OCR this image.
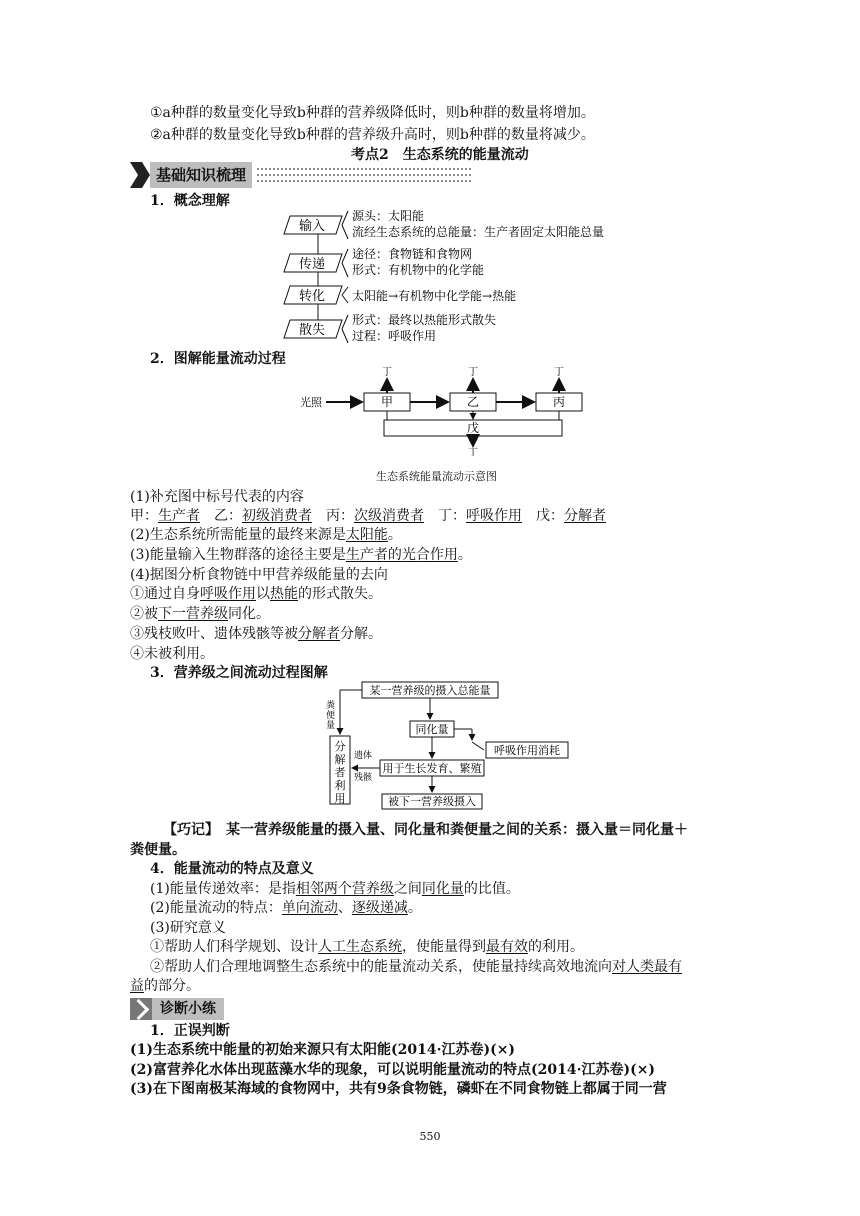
①a种群的数量变化导致b种群的营养级降低时，则b种群的数量将增加。
②a种群的数量变化导致b种群的营养级升高时，则b种群的数量将减少。
考点2　生态系统的能量流动
基础知识梳理
1．概念理解
输入
源头：太阳能
流经生态系统的总能量：生产者固定太阳能总量
传递
途径：食物链和食物网
形式：有机物中的化学能
转化 太阳能→有机物中化学能→热能
散失
形式：最终以热能形式散失
过程：呼吸作用
2．图解能量流动过程
光照	甲	乙	丙
丁	丁	丁
戊
丁
生态系统能量流动示意图
(1)补充图中标号代表的内容
甲：生产者　乙：初级消费者　丙：次级消费者　丁：呼吸作用　戊：分解者
(2)生态系统所需能量的最终来源是太阳能。
(3)能量输入生物群落的途径主要是生产者的光合作用。
(4)据图分析食物链中甲营养级能量的去向
①通过自身呼吸作用以热能的形式散失。
②被下一营养级同化。
③残枝败叶、遗体残骸等被分解者分解。
④未被利用。
3．营养级之间流动过程图解
某一营养级的摄入总能量
粪
便
量
分
解
者
利
用
同化量
呼吸作用消耗
用于生长发育、繁殖
遗体
残骸
被下一营养级摄入
【巧记】　某一营养级能量的摄入量、同化量和粪便量之间的关系：摄入量＝同化量＋
粪便量。
4．能量流动的特点及意义
(1)能量传递效率：是指相邻两个营养级之间同化量的比值。
(2)能量流动的特点：单向流动、逐级递减。
(3)研究意义
①帮助人们科学规划、设计人工生态系统，使能量得到最有效的利用。
②帮助人们合理地调整生态系统中的能量流动关系，使能量持续高效地流向对人类最有
益的部分。
诊断小练
1．正误判断
(1)生态系统中能量的初始来源只有太阳能(2014·江苏卷)(×)
(2)富营养化水体出现蓝藻水华的现象，可以说明能量流动的特点(2014·江苏卷)(×)
(3)在下图南极某海域的食物网中，共有9条食物链，磷虾在不同食物链上都属于同一营
550
